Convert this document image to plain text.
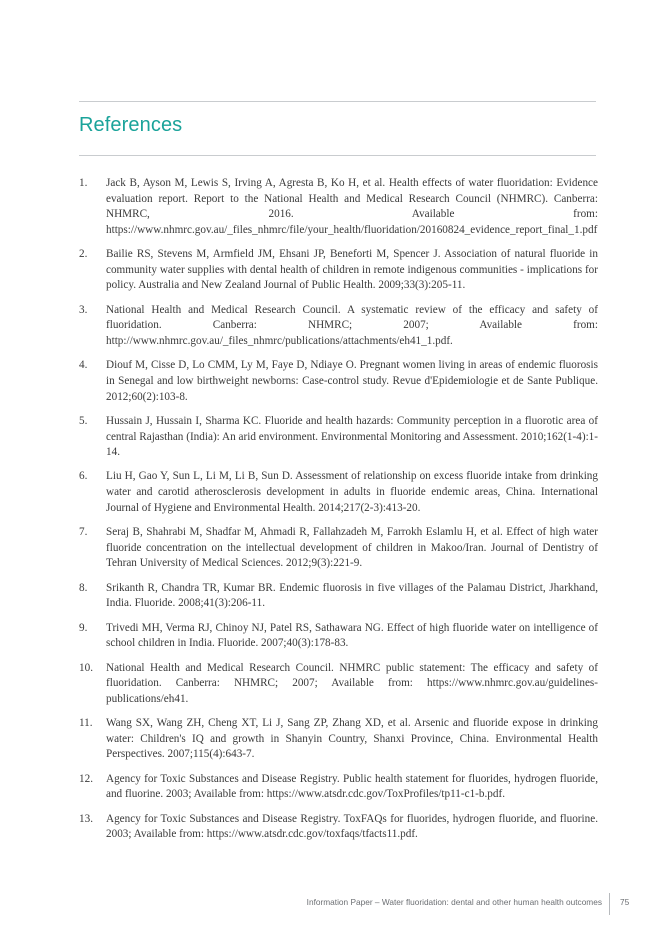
References
1. Jack B, Ayson M, Lewis S, Irving A, Agresta B, Ko H, et al. Health effects of water fluoridation: Evidence evaluation report. Report to the National Health and Medical Research Council (NHMRC). Canberra: NHMRC, 2016. Available from: https://www.nhmrc.gov.au/_files_nhmrc/file/your_health/fluoridation/20160824_evidence_report_final_1.pdf
2. Bailie RS, Stevens M, Armfield JM, Ehsani JP, Beneforti M, Spencer J. Association of natural fluoride in community water supplies with dental health of children in remote indigenous communities - implications for policy. Australia and New Zealand Journal of Public Health. 2009;33(3):205-11.
3. National Health and Medical Research Council. A systematic review of the efficacy and safety of fluoridation. Canberra: NHMRC; 2007; Available from: http://www.nhmrc.gov.au/_files_nhmrc/publications/attachments/eh41_1.pdf.
4. Diouf M, Cisse D, Lo CMM, Ly M, Faye D, Ndiaye O. Pregnant women living in areas of endemic fluorosis in Senegal and low birthweight newborns: Case-control study. Revue d'Epidemiologie et de Sante Publique. 2012;60(2):103-8.
5. Hussain J, Hussain I, Sharma KC. Fluoride and health hazards: Community perception in a fluorotic area of central Rajasthan (India): An arid environment. Environmental Monitoring and Assessment. 2010;162(1-4):1-14.
6. Liu H, Gao Y, Sun L, Li M, Li B, Sun D. Assessment of relationship on excess fluoride intake from drinking water and carotid atherosclerosis development in adults in fluoride endemic areas, China. International Journal of Hygiene and Environmental Health. 2014;217(2-3):413-20.
7. Seraj B, Shahrabi M, Shadfar M, Ahmadi R, Fallahzadeh M, Farrokh Eslamlu H, et al. Effect of high water fluoride concentration on the intellectual development of children in Makoo/Iran. Journal of Dentistry of Tehran University of Medical Sciences. 2012;9(3):221-9.
8. Srikanth R, Chandra TR, Kumar BR. Endemic fluorosis in five villages of the Palamau District, Jharkhand, India. Fluoride. 2008;41(3):206-11.
9. Trivedi MH, Verma RJ, Chinoy NJ, Patel RS, Sathawara NG. Effect of high fluoride water on intelligence of school children in India. Fluoride. 2007;40(3):178-83.
10. National Health and Medical Research Council. NHMRC public statement: The efficacy and safety of fluoridation. Canberra: NHMRC; 2007; Available from: https://www.nhmrc.gov.au/guidelines-publications/eh41.
11. Wang SX, Wang ZH, Cheng XT, Li J, Sang ZP, Zhang XD, et al. Arsenic and fluoride expose in drinking water: Children's IQ and growth in Shanyin Country, Shanxi Province, China. Environmental Health Perspectives. 2007;115(4):643-7.
12. Agency for Toxic Substances and Disease Registry. Public health statement for fluorides, hydrogen fluoride, and fluorine. 2003; Available from: https://www.atsdr.cdc.gov/ToxProfiles/tp11-c1-b.pdf.
13. Agency for Toxic Substances and Disease Registry. ToxFAQs for fluorides, hydrogen fluoride, and fluorine. 2003; Available from: https://www.atsdr.cdc.gov/toxfaqs/tfacts11.pdf.
Information Paper – Water fluoridation: dental and other human health outcomes 75
